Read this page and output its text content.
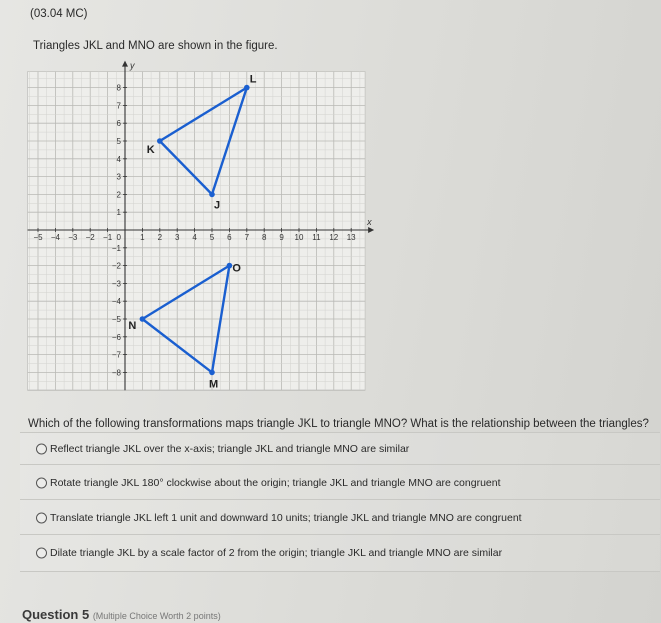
(03.04 MC)
Triangles JKL and MNO are shown in the figure.
x
y
−5 −4 −3 −2 −1	1 2 3 4 5 6 7 8 9 10 11 12 13
0
8
7
6
5
4
3
2
1
−1
−2
−3
−4
−5
−6
−7
−8
J
K
L
M
N
O
Which of the following transformations maps triangle JKL to triangle MNO? What is the relationship between the triangles?
Reflect triangle JKL over the x-axis; triangle JKL and triangle MNO are similar
Rotate triangle JKL 180° clockwise about the origin; triangle JKL and triangle MNO are congruent
Translate triangle JKL left 1 unit and downward 10 units; triangle JKL and triangle MNO are congruent
Dilate triangle JKL by a scale factor of 2 from the origin; triangle JKL and triangle MNO are similar
Question 5 (Multiple Choice Worth 2 points)
